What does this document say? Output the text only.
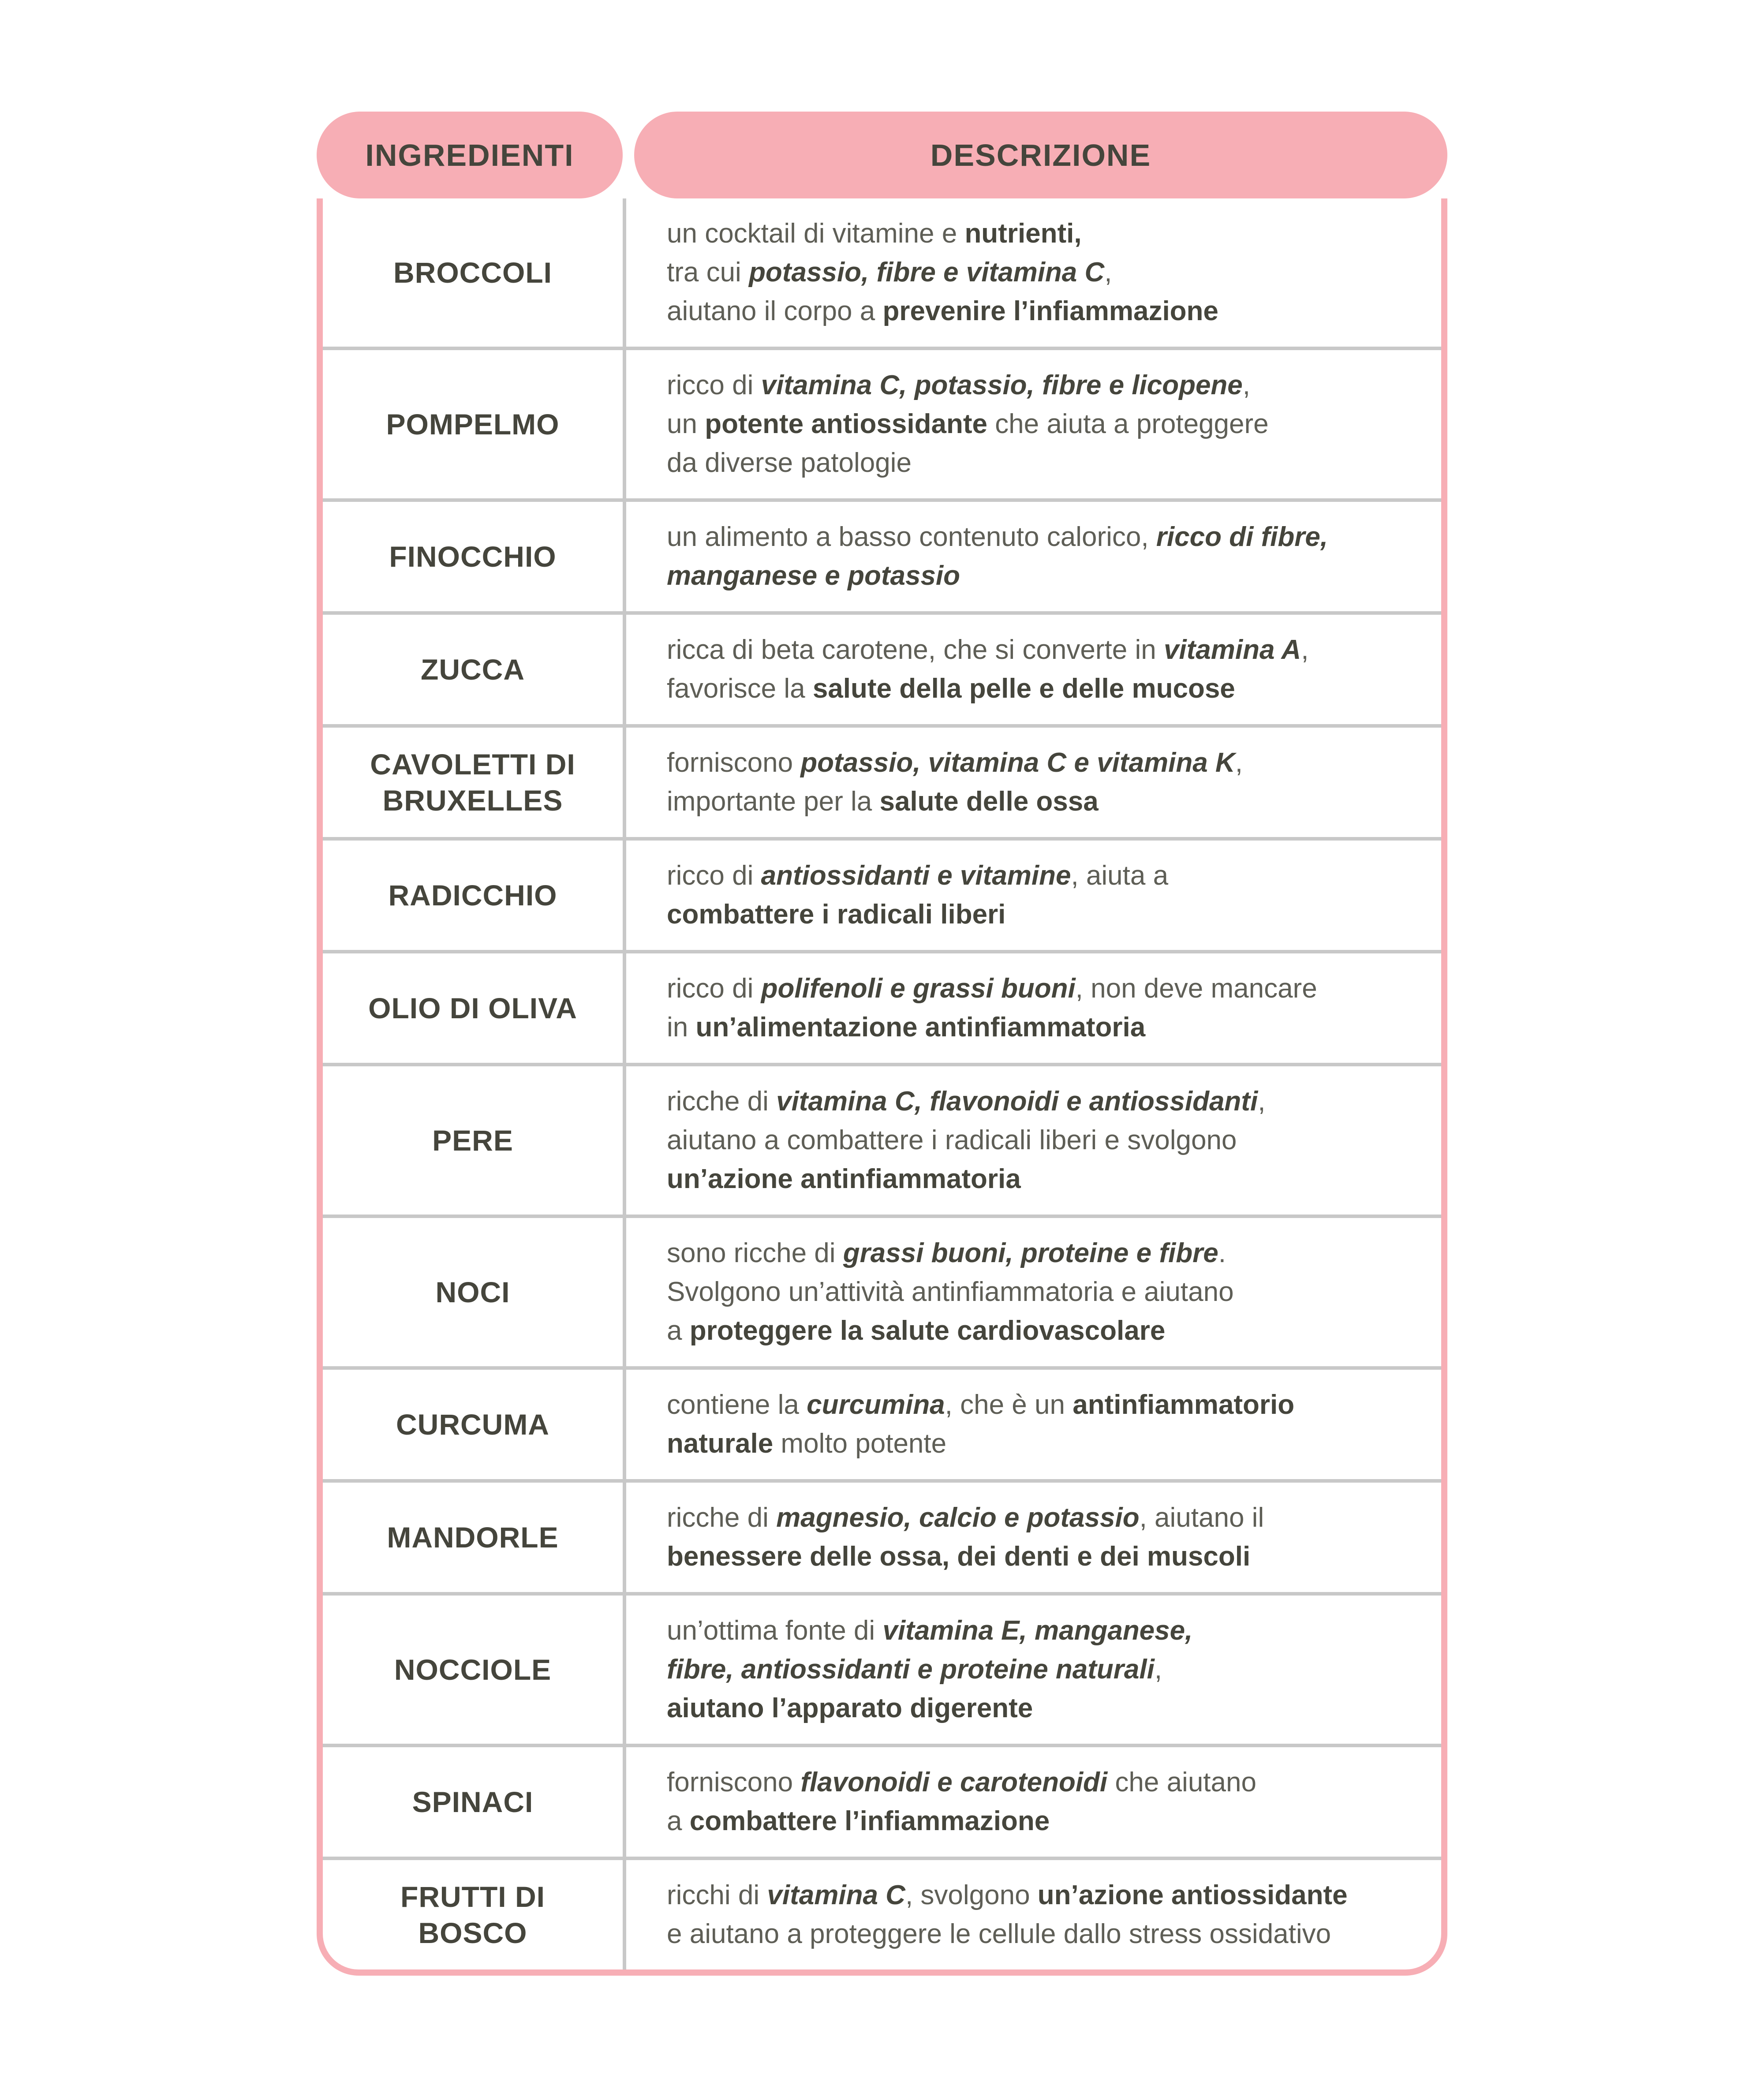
INGREDIENTI	DESCRIZIONE
BROCCOLI
un cocktail di vitamine e nutrienti,
tra cui potassio, fibre e vitamina C,
aiutano il corpo a prevenire l’infiammazione
POMPELMO
ricco di vitamina C, potassio, fibre e licopene,
un potente antiossidante che aiuta a proteggere
da diverse patologie
FINOCCHIO
un alimento a basso contenuto calorico, ricco di fibre,
manganese e potassio
ZUCCA
ricca di beta carotene, che si converte in vitamina A,
favorisce la salute della pelle e delle mucose
CAVOLETTI DI
BRUXELLES
forniscono potassio, vitamina C e vitamina K,
importante per la salute delle ossa
RADICCHIO
ricco di antiossidanti e vitamine, aiuta a
combattere i radicali liberi
OLIO DI OLIVA
ricco di polifenoli e grassi buoni, non deve mancare
in un’alimentazione antinfiammatoria
PERE
ricche di vitamina C, flavonoidi e antiossidanti,
aiutano a combattere i radicali liberi e svolgono
un’azione antinfiammatoria
NOCI
sono ricche di grassi buoni, proteine e fibre.
Svolgono un’attività antinfiammatoria e aiutano
a proteggere la salute cardiovascolare
CURCUMA
contiene la curcumina, che è un antinfiammatorio
naturale molto potente
MANDORLE
ricche di magnesio, calcio e potassio, aiutano il
benessere delle ossa, dei denti e dei muscoli
NOCCIOLE
un’ottima fonte di vitamina E, manganese,
fibre, antiossidanti e proteine naturali,
aiutano l’apparato digerente
SPINACI
forniscono flavonoidi e carotenoidi che aiutano
a combattere l’infiammazione
FRUTTI DI
BOSCO
ricchi di vitamina C, svolgono un’azione antiossidante
e aiutano a proteggere le cellule dallo stress ossidativo
